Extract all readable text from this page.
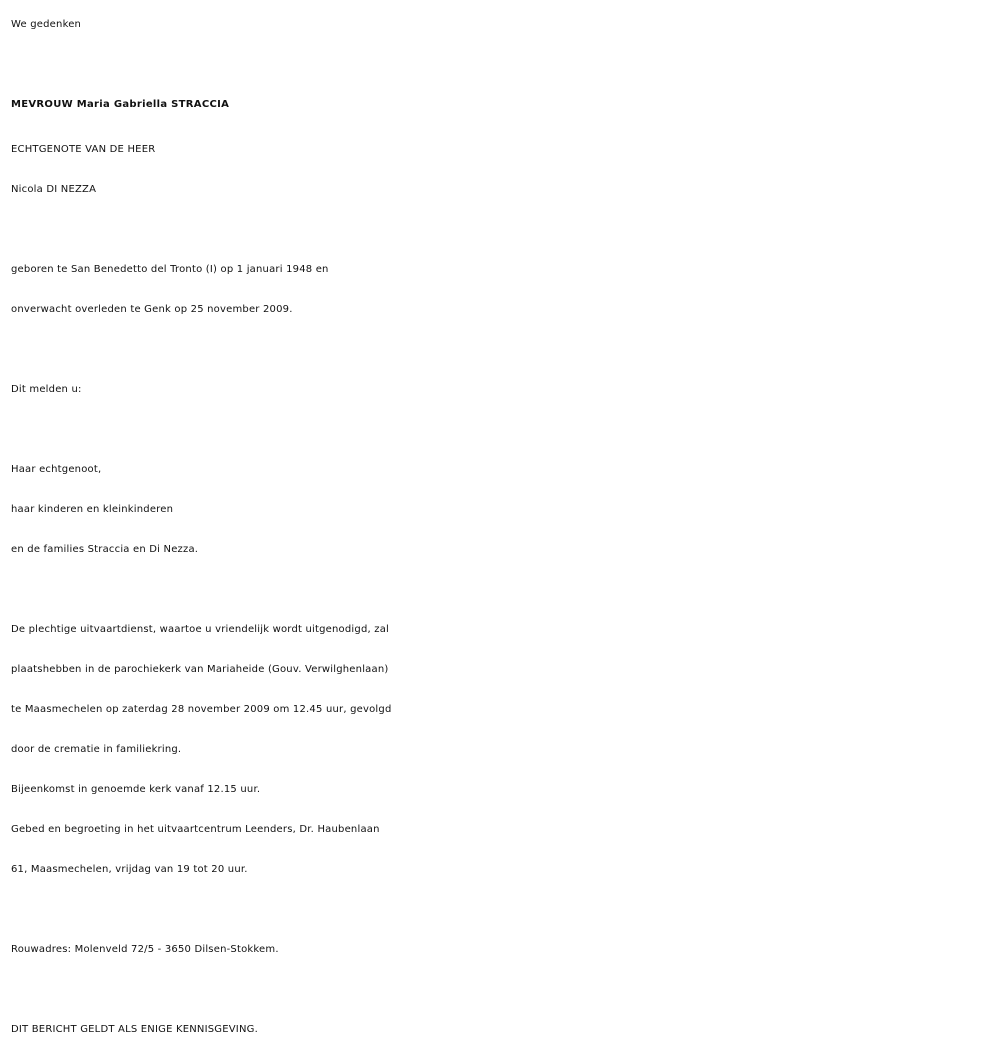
We gedenken
MEVROUW Maria Gabriella STRACCIA
ECHTGENOTE VAN DE HEER
Nicola DI NEZZA
geboren te San Benedetto del Tronto (I) op 1 januari 1948 en
onverwacht overleden te Genk op 25 november 2009.
Dit melden u:
Haar echtgenoot,
haar kinderen en kleinkinderen
en de families Straccia en Di Nezza.
De plechtige uitvaartdienst, waartoe u vriendelijk wordt uitgenodigd, zal
plaatshebben in de parochiekerk van Mariaheide (Gouv. Verwilghenlaan)
te Maasmechelen op zaterdag 28 november 2009 om 12.45 uur, gevolgd
door de crematie in familiekring.
Bijeenkomst in genoemde kerk vanaf 12.15 uur.
Gebed en begroeting in het uitvaartcentrum Leenders, Dr. Haubenlaan
61, Maasmechelen, vrijdag van 19 tot 20 uur.
Rouwadres: Molenveld 72/5 - 3650 Dilsen-Stokkem.
DIT BERICHT GELDT ALS ENIGE KENNISGEVING.
